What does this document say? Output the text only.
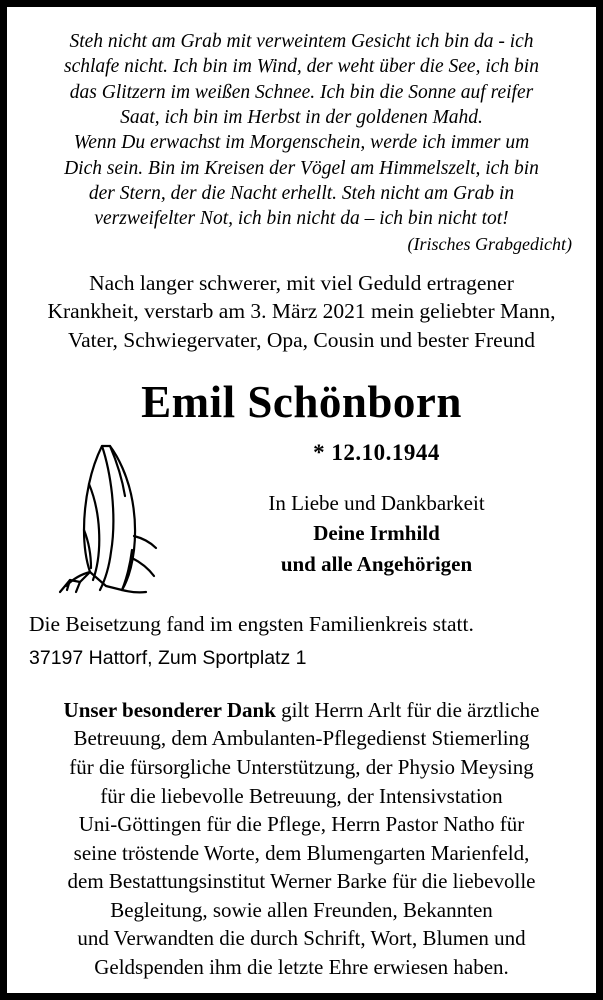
Steh nicht am Grab mit verweintem Gesicht ich bin da - ich
schlafe nicht. Ich bin im Wind, der weht über die See, ich bin
das Glitzern im weißen Schnee. Ich bin die Sonne auf reifer
Saat, ich bin im Herbst in der goldenen Mahd.
Wenn Du erwachst im Morgenschein, werde ich immer um
Dich sein. Bin im Kreisen der Vögel am Himmelszelt, ich bin
der Stern, der die Nacht erhellt. Steh nicht am Grab in
verzweifelter Not, ich bin nicht da – ich bin nicht tot!
(Irisches Grabgedicht)
Nach langer schwerer, mit viel Geduld ertragener
Krankheit, verstarb am 3. März 2021 mein geliebter Mann,
Vater, Schwiegervater, Opa, Cousin und bester Freund
Emil Schönborn
* 12.10.1944
In Liebe und Dankbarkeit
Deine Irmhild
und alle Angehörigen
Die Beisetzung fand im engsten Familienkreis statt.
37197 Hattorf, Zum Sportplatz 1
Unser besonderer Dank gilt Herrn Arlt für die ärztliche
Betreuung, dem Ambulanten-Pflegedienst Stiemerling
für die fürsorgliche Unterstützung, der Physio Meysing
für die liebevolle Betreuung, der Intensivstation
Uni-Göttingen für die Pflege, Herrn Pastor Natho für
seine tröstende Worte, dem Blumengarten Marienfeld,
dem Bestattungsinstitut Werner Barke für die liebevolle
Begleitung, sowie allen Freunden, Bekannten
und Verwandten die durch Schrift, Wort, Blumen und
Geldspenden ihm die letzte Ehre erwiesen haben.
